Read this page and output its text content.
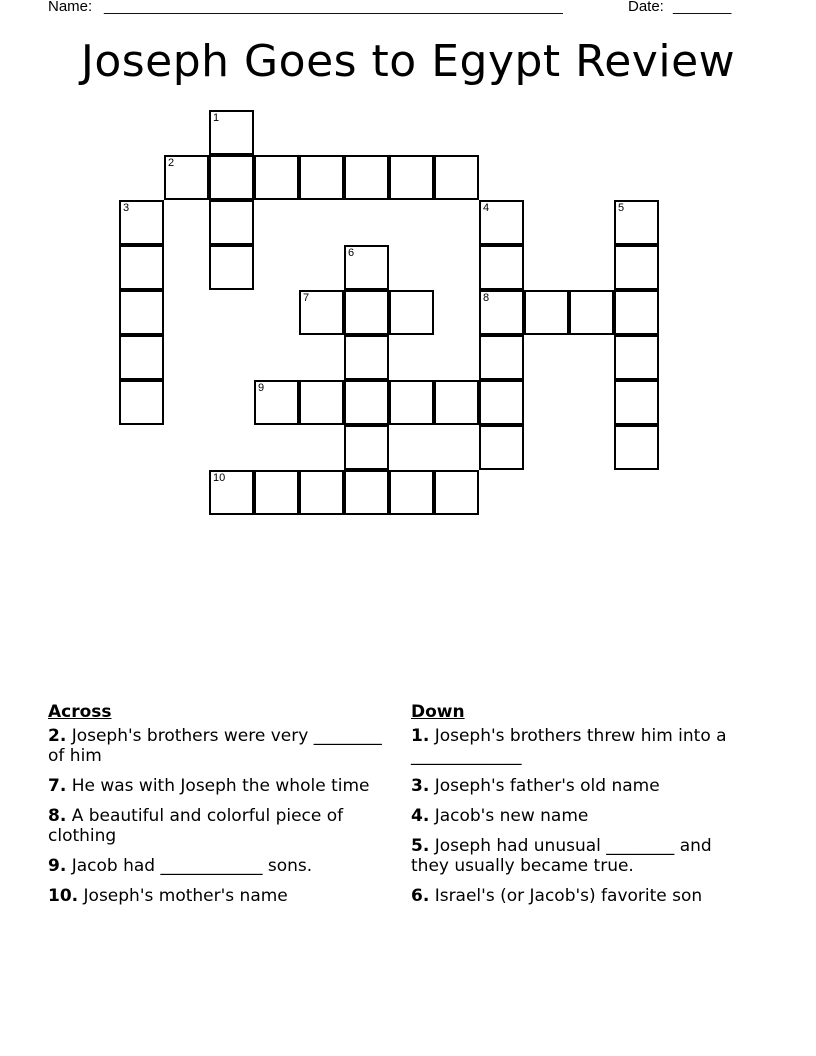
Name: _______________________________________________________	Date: _______
Joseph Goes to Egypt Review
1
2
3	4	5
6
7	8
9
10
Across
2. Joseph's brothers were very ________ of him
7. He was with Joseph the whole time
8. A beautiful and colorful piece of clothing
9. Jacob had ____________ sons.
10. Joseph's mother's name
Down
1. Joseph's brothers threw him into a _____________
3. Joseph's father's old name
4. Jacob's new name
5. Joseph had unusual ________ and they usually became true.
6. Israel's (or Jacob's) favorite son
